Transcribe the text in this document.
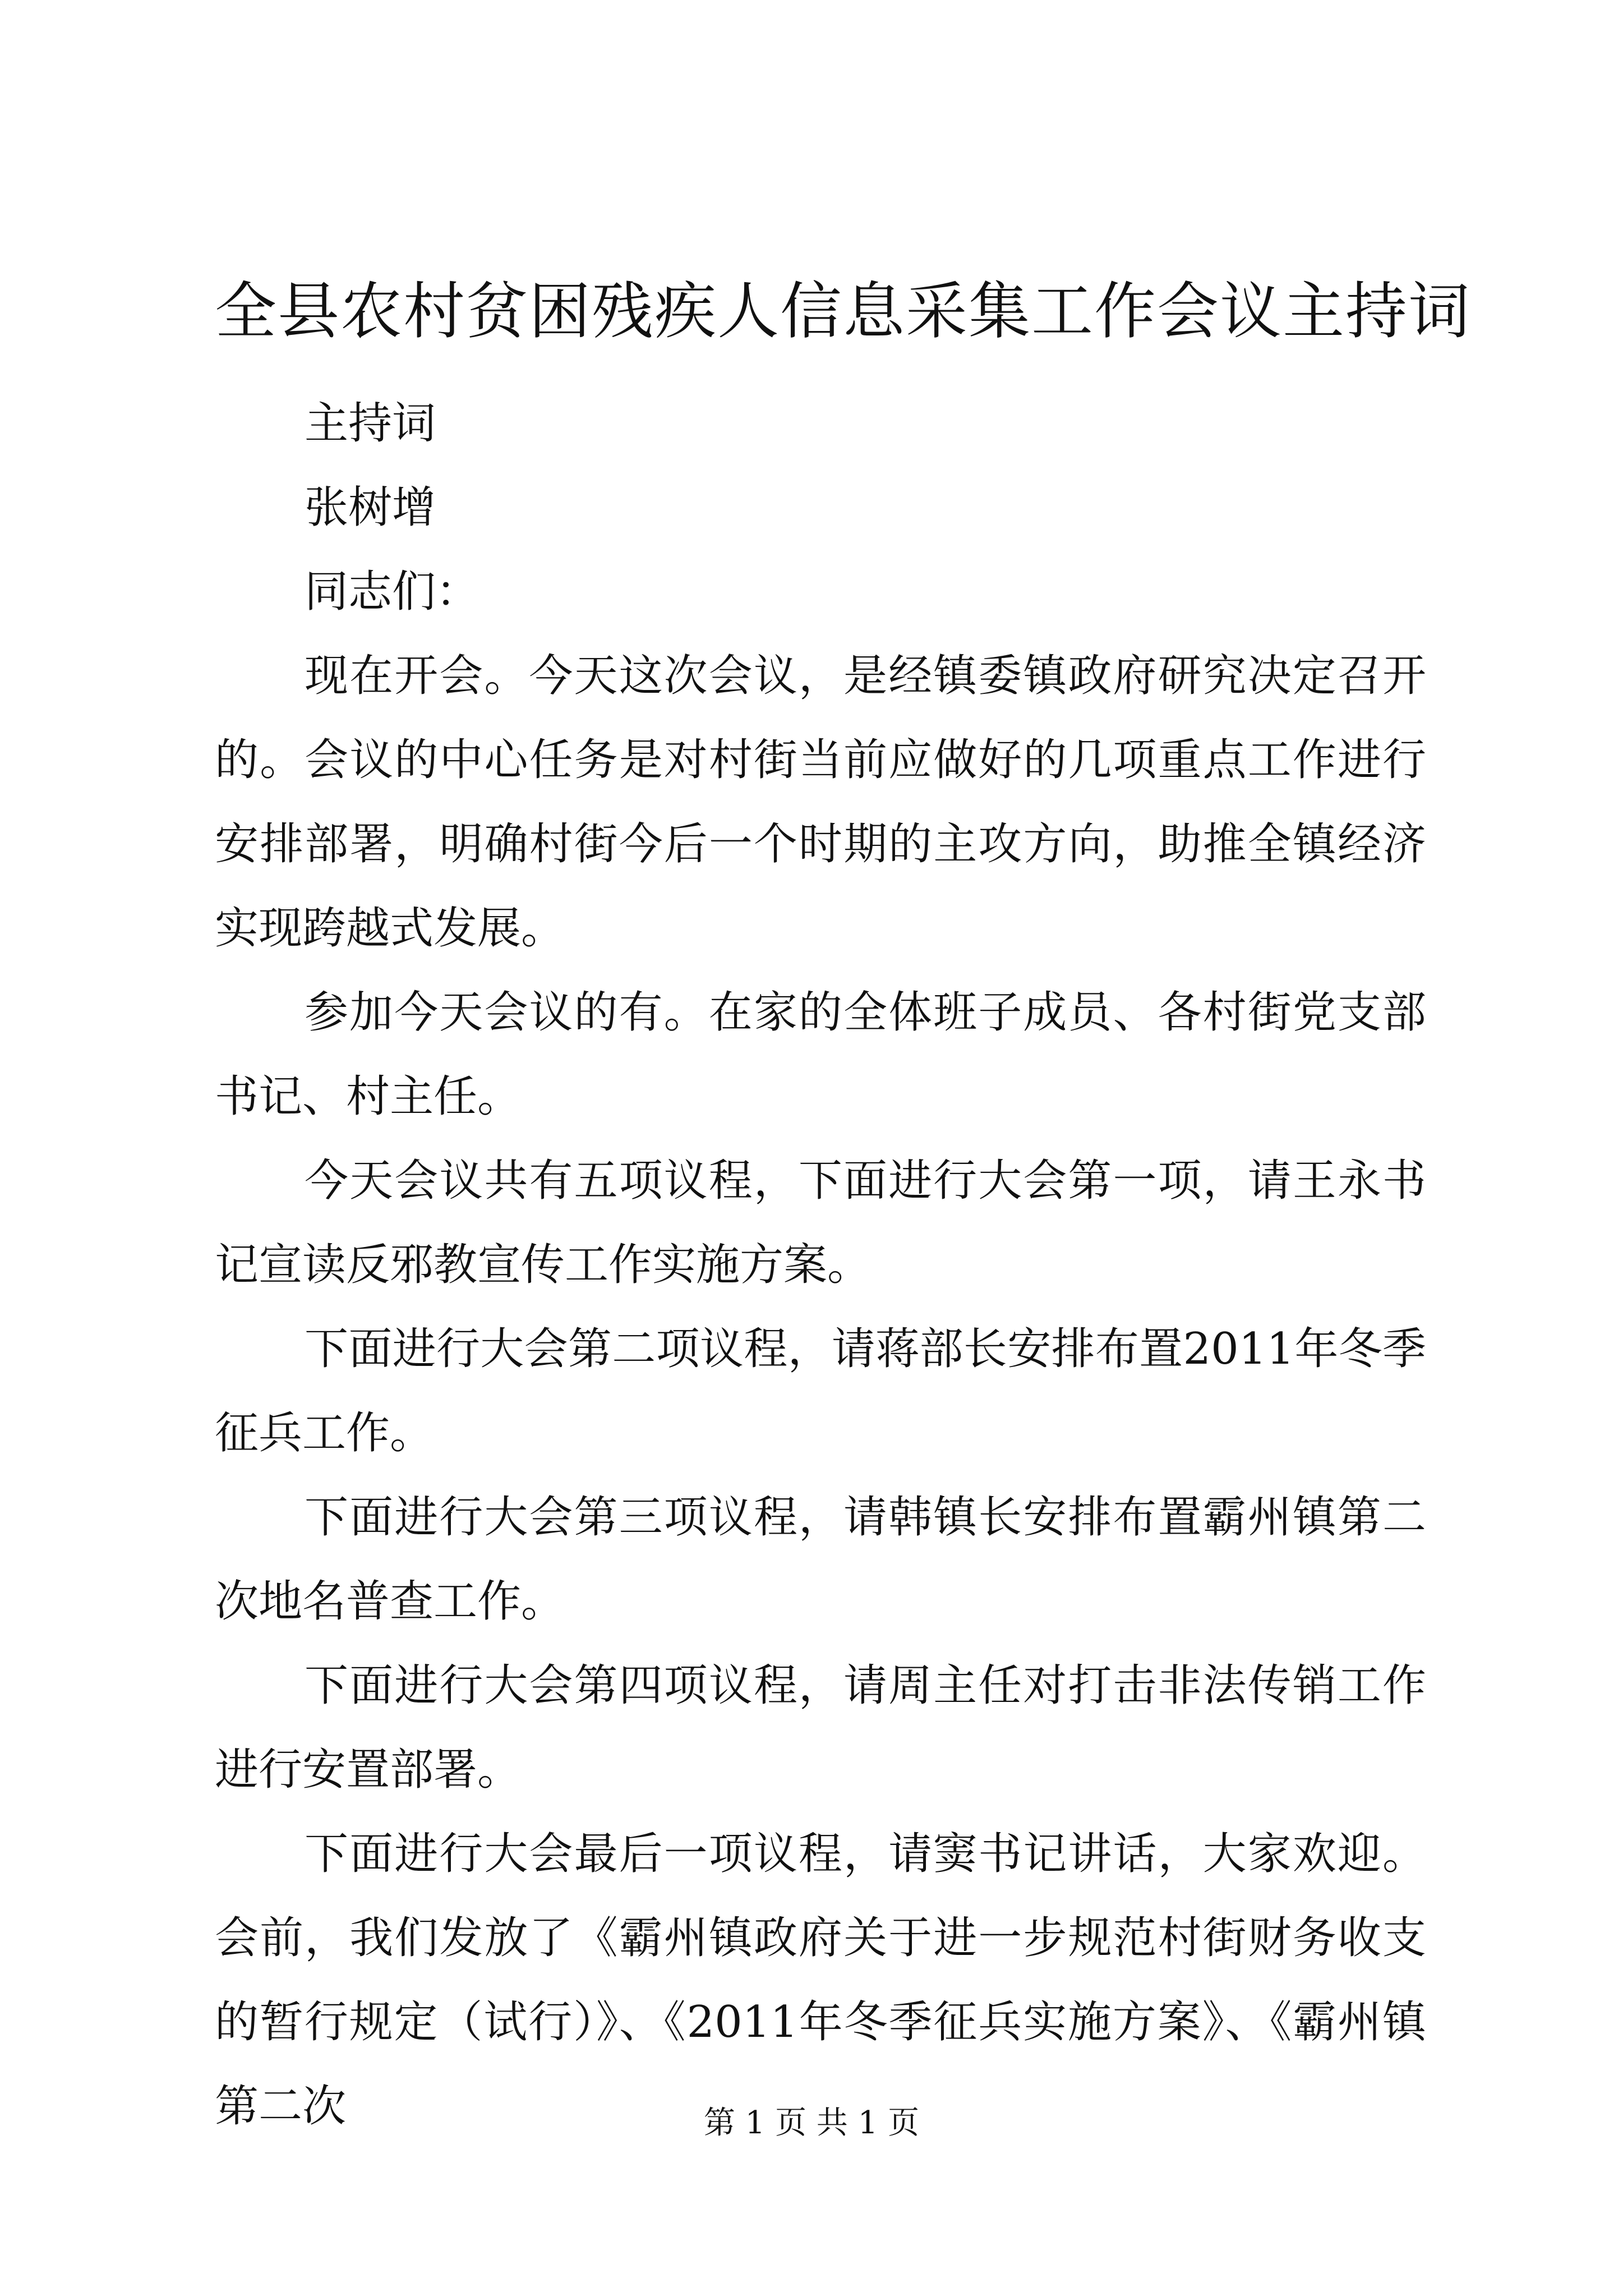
全县农村贫困残疾人信息采集工作会议主持词

主持词

张树增

同志们：

现在开会。今天这次会议，是经镇委镇政府研究决定召开的。会议的中心任务是对村街当前应做好的几项重点工作进行安排部署，明确村街今后一个时期的主攻方向，助推全镇经济实现跨越式发展。

参加今天会议的有。在家的全体班子成员、各村街党支部书记、村主任。

今天会议共有五项议程，下面进行大会第一项，请王永书记宣读反邪教宣传工作实施方案。

下面进行大会第二项议程，请蒋部长安排布置2011年冬季征兵工作。

下面进行大会第三项议程，请韩镇长安排布置霸州镇第二次地名普查工作。

下面进行大会第四项议程，请周主任对打击非法传销工作进行安置部署。

下面进行大会最后一项议程，请窦书记讲话，大家欢迎。会前，我们发放了《霸州镇政府关于进一步规范村街财务收支的暂行规定（试行）》、《2011年冬季征兵实施方案》、《霸州镇第二次	第 1 页 共 1 页
